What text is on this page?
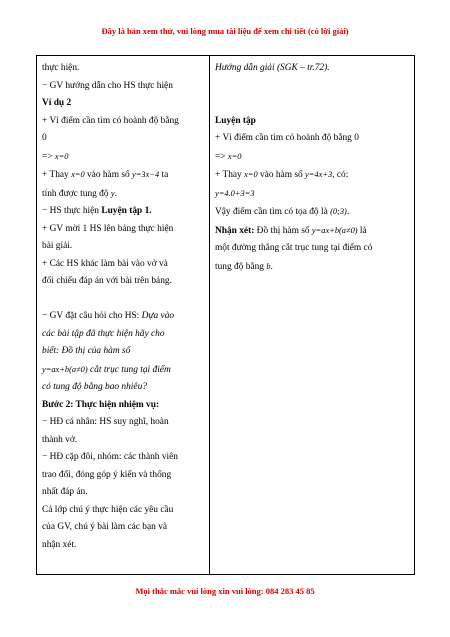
Đây là bản xem thử, vui lòng mua tài liệu để xem chi tiết (có lời giải)
thực hiện.
− GV hướng dẫn cho HS thực hiện
Ví dụ 2
+ Vì điểm cần tìm có hoành độ bằng
0
=> x=0
+ Thay x=0 vào hàm số y=3x−4 ta
tính được tung độ y.
− HS thực hiện Luyện tập 1.
+ GV mời 1 HS lên bảng thực hiện
bài giải.
+ Các HS khác làm bài vào vở và
đối chiếu đáp án với bài trên bảng.
− GV đặt câu hỏi cho HS: Dựa vào
các bài tập đã thực hiện hãy cho
biết: Đồ thị của hàm số
y=ax+b(a≠0) cắt trục tung tại điểm
có tung độ bằng bao nhiêu?
Bước 2: Thực hiện nhiệm vụ:
− HĐ cá nhân: HS suy nghĩ, hoàn
thành vở.
− HĐ cặp đôi, nhóm: các thành viên
trao đổi, đóng góp ý kiến và thống
nhất đáp án.
Cả lớp chú ý thực hiện các yêu cầu
của GV, chú ý bài làm các bạn và
nhận xét.

Hướng dẫn giải (SGK – tr.72).
Luyện tập
+ Vì điểm cần tìm có hoành độ bằng 0
=> x=0
+ Thay x=0 vào hàm số y=4x+3, có:
y=4.0+3=3
Vậy điểm cần tìm có tọa độ là (0;3).
Nhận xét: Đồ thị hàm số y=ax+b(a≠0) là
một đường thẳng cắt trục tung tại điểm có
tung độ bằng b.
Mọi thắc mắc vui lòng xin vui lòng: 084 283 45 85
